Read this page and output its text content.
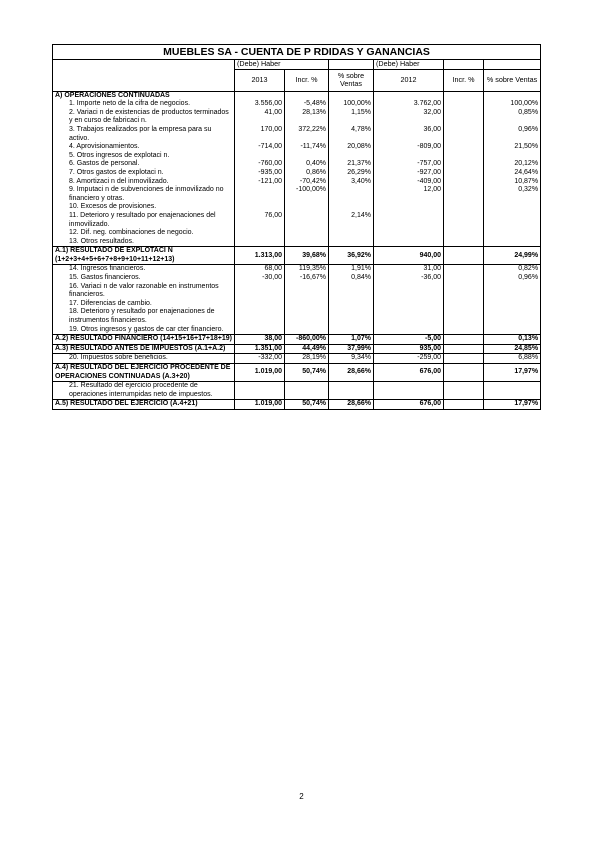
MUEBLES SA - CUENTA DE P RDIDAS Y GANANCIAS						
	(Debe) Haber			(Debe) Haber		
	2013	Incr. %	% sobre Ventas	2012	Incr. %	% sobre Ventas
A) OPERACIONES CONTINUADAS						
1. Importe neto de la cifra de negocios.	3.556,00	-5,48%	100,00%	3.762,00		100,00%
2. Variaci n de existencias de productos terminados y en curso de fabricaci n.	41,00	28,13%	1,15%	32,00		0,85%
3. Trabajos realizados por la empresa para su activo.	170,00	372,22%	4,78%	36,00		0,96%
4. Aprovisionamientos.	-714,00	-11,74%	20,08%	-809,00		21,50%
5. Otros ingresos de explotaci n.						
6. Gastos de personal.	-760,00	0,40%	21,37%	-757,00		20,12%
7. Otros gastos de explotaci n.	-935,00	0,86%	26,29%	-927,00		24,64%
8. Amortizaci n del inmovilizado.	-121,00	-70,42%	3,40%	-409,00		10,87%
9. Imputaci n de subvenciones de inmovilizado no financiero y otras.		-100,00%		12,00		0,32%
10. Excesos de provisiones.						
11. Deterioro y resultado por enajenaciones del inmovilizado.	76,00		2,14%			
12. Dif. neg. combinaciones de negocio.						
13. Otros resultados.						
A.1) RESULTADO DE EXPLOTACI N (1+2+3+4+5+6+7+8+9+10+11+12+13)	1.313,00	39,68%	36,92%	940,00		24,99%
14. Ingresos financieros.	68,00	119,35%	1,91%	31,00		0,82%
15. Gastos financieros.	-30,00	-16,67%	0,84%	-36,00		0,96%
16. Variaci n de valor razonable en instrumentos financieros.						
17. Diferencias de cambio.						
18. Deterioro y resultado por enajenaciones de instrumentos financieros.						
19. Otros ingresos y gastos de car cter financiero.						
A.2) RESULTADO FINANCIERO (14+15+16+17+18+19)	38,00	-860,00%	1,07%	-5,00		0,13%
A.3) RESULTADO ANTES DE IMPUESTOS (A.1+A.2)	1.351,00	44,49%	37,99%	935,00		24,85%
20. Impuestos sobre beneficios.	-332,00	28,19%	9,34%	-259,00		6,88%
A.4) RESULTADO DEL EJERCICIO PROCEDENTE DE OPERACIONES CONTINUADAS (A.3+20)	1.019,00	50,74%	28,66%	676,00		17,97%
21. Resultado del ejercicio procedente de operaciones interrumpidas neto de impuestos.						
A.5) RESULTADO DEL EJERCICIO (A.4+21)	1.019,00	50,74%	28,66%	676,00		17,97%
2
